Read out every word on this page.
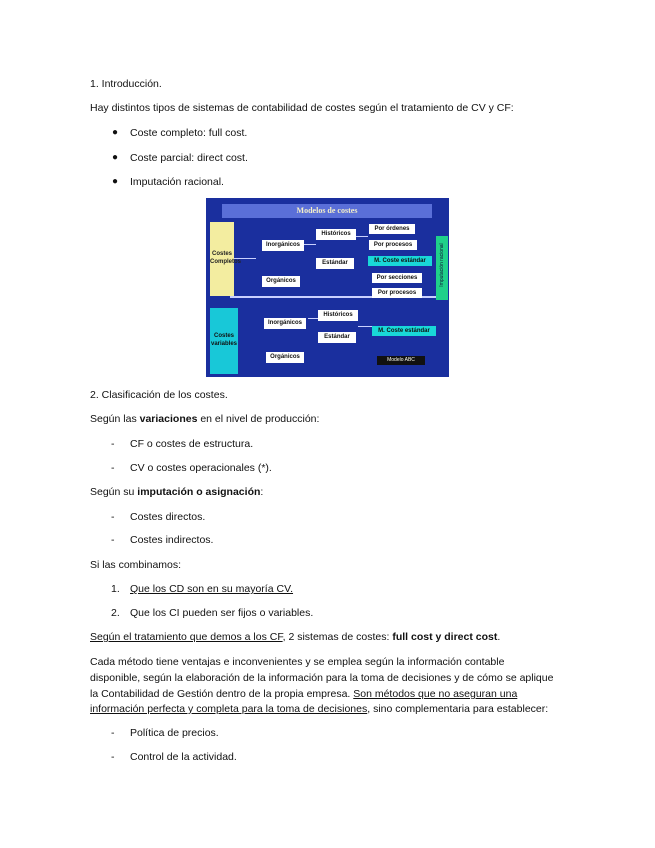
1. Introducción.
Hay distintos tipos de sistemas de contabilidad de costes según el tratamiento de CV y CF:
● Coste completo: full cost.
● Coste parcial: direct cost.
● Imputación racional.
Modelos de costes
Costes Completos
Costes variables
Inorgánicos
Orgánicos
Históricos
Estándar
Por órdenes
Por procesos
M. Coste estándar
Por secciones
Por procesos
Imputación racional
Inorgánicos
Orgánicos
Históricos
Estándar
M. Coste estándar
Modelo ABC
2. Clasificación de los costes.
Según las variaciones en el nivel de producción:
- CF o costes de estructura.
- CV o costes operacionales (*).
Según su imputación o asignación:
- Costes directos.
- Costes indirectos.
Si las combinamos:
1. Que los CD son en su mayoría CV.
2. Que los CI pueden ser fijos o variables.
Según el tratamiento que demos a los CF, 2 sistemas de costes: full cost y direct cost.
Cada método tiene ventajas e inconvenientes y se emplea según la información contable
disponible, según la elaboración de la información para la toma de decisiones y de cómo se aplique
la Contabilidad de Gestión dentro de la propia empresa. Son métodos que no aseguran una
información perfecta y completa para la toma de decisiones, sino complementaria para establecer:
- Política de precios.
- Control de la actividad.
